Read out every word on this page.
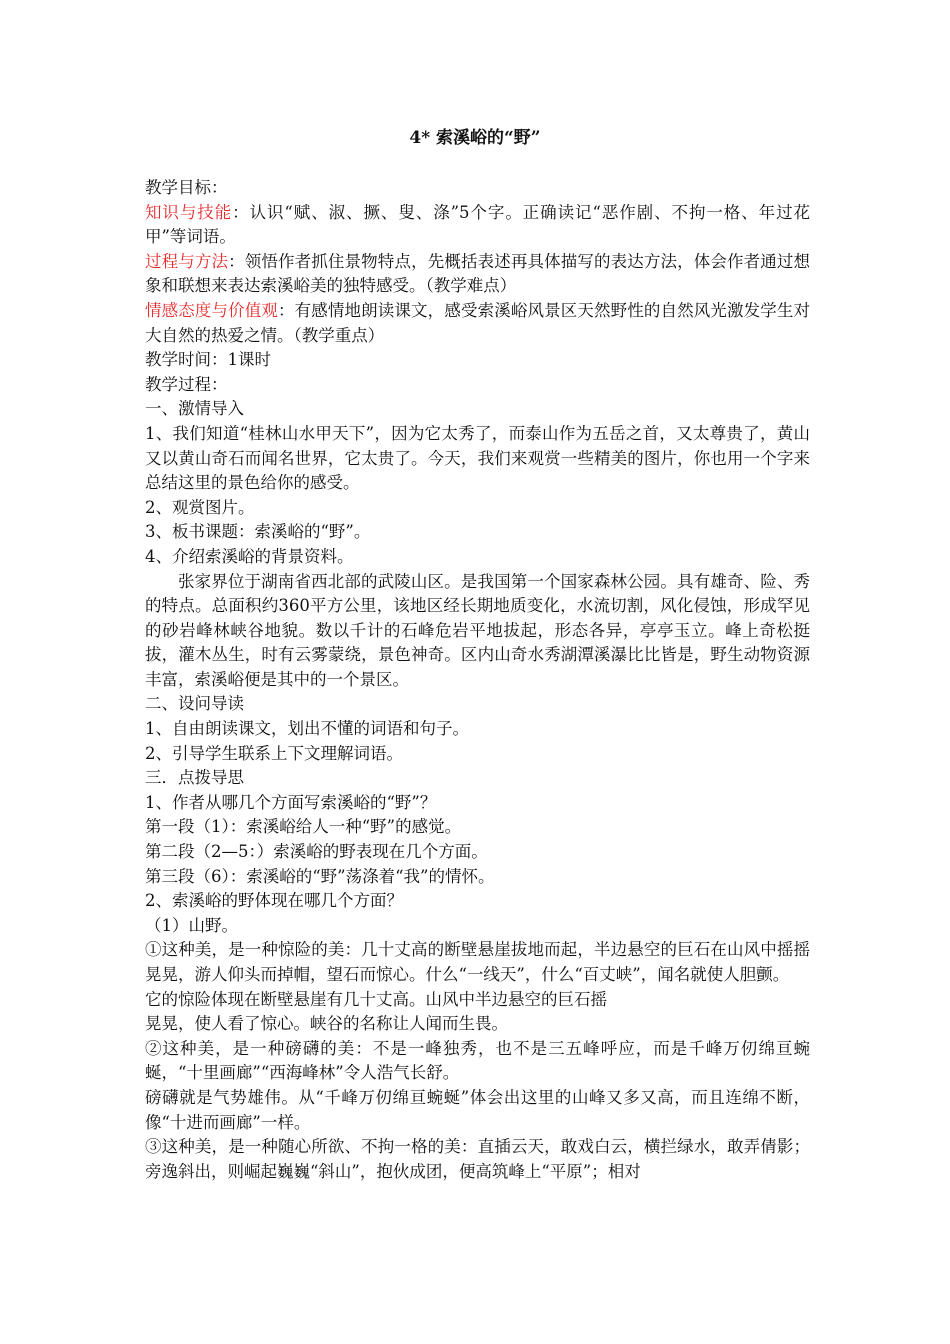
4* 索溪峪的“野”

教学目标：

知识与技能：认识“赋、淑、撅、叟、涤”5个字。正确读记“恶作剧、不拘一格、年过花甲”等词语。

过程与方法：领悟作者抓住景物特点，先概括表述再具体描写的表达方法，体会作者通过想象和联想来表达索溪峪美的独特感受。（教学难点）

情感态度与价值观：有感情地朗读课文，感受索溪峪风景区天然野性的自然风光激发学生对大自然的热爱之情。（教学重点）

教学时间：1课时

教学过程：

一、激情导入

1、我们知道“桂林山水甲天下”，因为它太秀了，而泰山作为五岳之首，又太尊贵了，黄山又以黄山奇石而闻名世界，它太贵了。今天，我们来观赏一些精美的图片，你也用一个字来总结这里的景色给你的感受。

2、观赏图片。

3、板书课题：索溪峪的“野”。

4、介绍索溪峪的背景资料。

张家界位于湖南省西北部的武陵山区。是我国第一个国家森林公园。具有雄奇、险、秀的特点。总面积约360平方公里，该地区经长期地质变化，水流切割，风化侵蚀，形成罕见的砂岩峰林峡谷地貌。数以千计的石峰危岩平地拔起，形态各异，亭亭玉立。峰上奇松挺拔，灌木丛生，时有云雾蒙绕，景色神奇。区内山奇水秀湖潭溪瀑比比皆是，野生动物资源丰富，索溪峪便是其中的一个景区。

二、设问导读

1、自由朗读课文，划出不懂的词语和句子。

2、引导学生联系上下文理解词语。

三．点拨导思

1、作者从哪几个方面写索溪峪的“野”？

第一段（1）：索溪峪给人一种“野”的感觉。

第二段（2—5：）索溪峪的野表现在几个方面。

第三段（6）：索溪峪的“野”荡涤着“我”的情怀。

2、索溪峪的野体现在哪几个方面？

（1）山野。

①这种美，是一种惊险的美：几十丈高的断壁悬崖拔地而起，半边悬空的巨石在山风中摇摇晃晃，游人仰头而掉帽，望石而惊心。什么“一线天”，什么“百丈峡”，闻名就使人胆颤。

它的惊险体现在断壁悬崖有几十丈高。山风中半边悬空的巨石摇

晃晃，使人看了惊心。峡谷的名称让人闻而生畏。

②这种美，是一种磅礴的美：不是一峰独秀，也不是三五峰呼应，而是千峰万仞绵亘蜿蜒，“十里画廊”“西海峰林”令人浩气长舒。

磅礴就是气势雄伟。从“千峰万仞绵亘蜿蜒”体会出这里的山峰又多又高，而且连绵不断，像“十进而画廊”一样。

③这种美，是一种随心所欲、不拘一格的美：直插云天，敢戏白云，横拦绿水，敢弄倩影；旁逸斜出，则崛起巍巍“斜山”，抱伙成团，便高筑峰上“平原”；相对
